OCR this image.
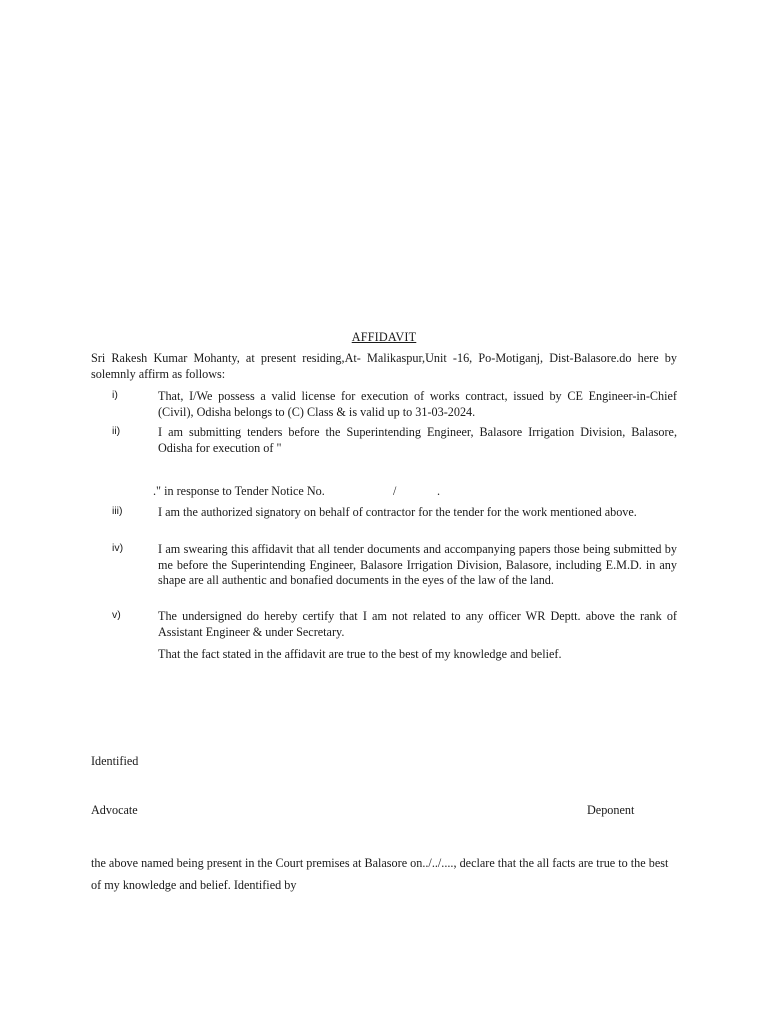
AFFIDAVIT
Sri Rakesh Kumar Mohanty, at present residing,At- Malikaspur,Unit -16, Po-Motiganj, Dist-Balasore.do here by solemnly affirm as follows:
i)	That, I/We possess a valid license for execution of works contract, issued by CE Engineer-in-Chief (Civil), Odisha belongs to (C) Class & is valid up to 31-03-2024.
ii)	I am submitting tenders before the Superintending Engineer, Balasore Irrigation Division, Balasore, Odisha for execution of "
." in response to Tender Notice No.	/	.
iii)	I am the authorized signatory on behalf of contractor for the tender for the work mentioned above.
iv)	I am swearing this affidavit that all tender documents and accompanying papers those being submitted by me before the Superintending Engineer, Balasore Irrigation Division, Balasore, including E.M.D. in any shape are all authentic and bonafied documents in the eyes of the law of the land.
v)	The undersigned do hereby certify that I am not related to any officer WR Deptt. above the rank of Assistant Engineer & under Secretary.
That the fact stated in the affidavit are true to the best of my knowledge and belief.
Identified
Advocate	Deponent
the above named being present in the Court premises at Balasore on../../...., declare that the all facts are true to the best of my knowledge and belief. Identified by
